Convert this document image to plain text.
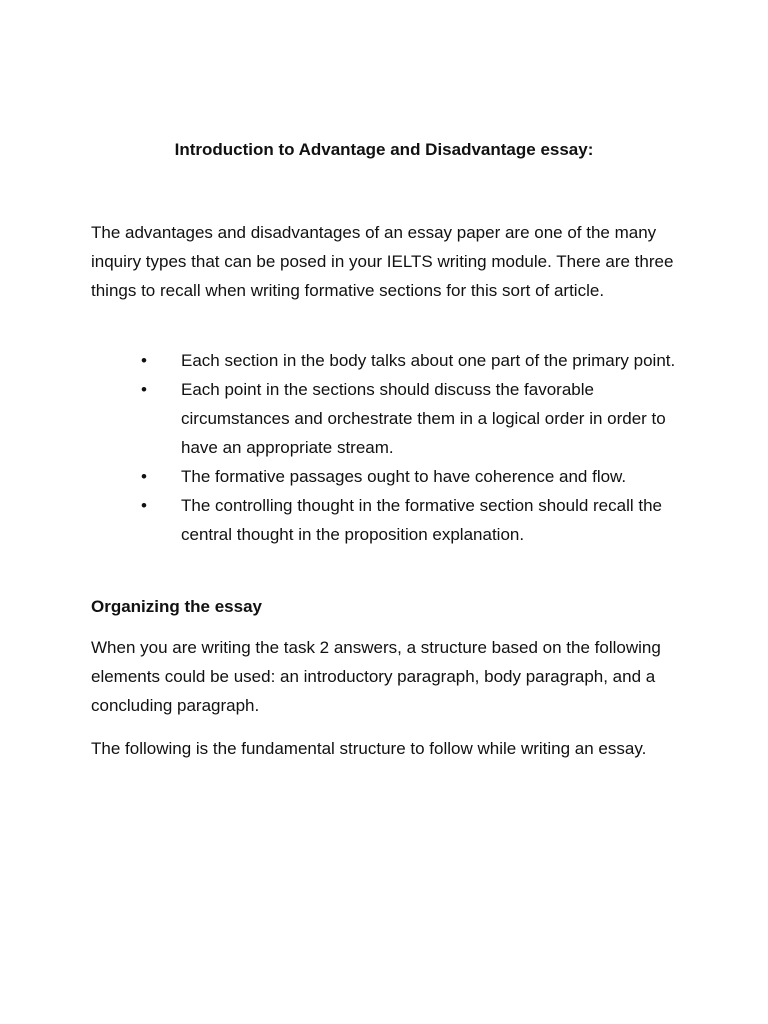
Introduction to Advantage and Disadvantage essay:

The advantages and disadvantages of an essay paper are one of the many inquiry types that can be posed in your IELTS writing module. There are three things to recall when writing formative sections for this sort of article.

• Each section in the body talks about one part of the primary point.
• Each point in the sections should discuss the favorable circumstances and orchestrate them in a logical order in order to have an appropriate stream.
• The formative passages ought to have coherence and flow.
• The controlling thought in the formative section should recall the central thought in the proposition explanation.
Organizing the essay

When you are writing the task 2 answers, a structure based on the following elements could be used: an introductory paragraph, body paragraph, and a concluding paragraph.

The following is the fundamental structure to follow while writing an essay.
